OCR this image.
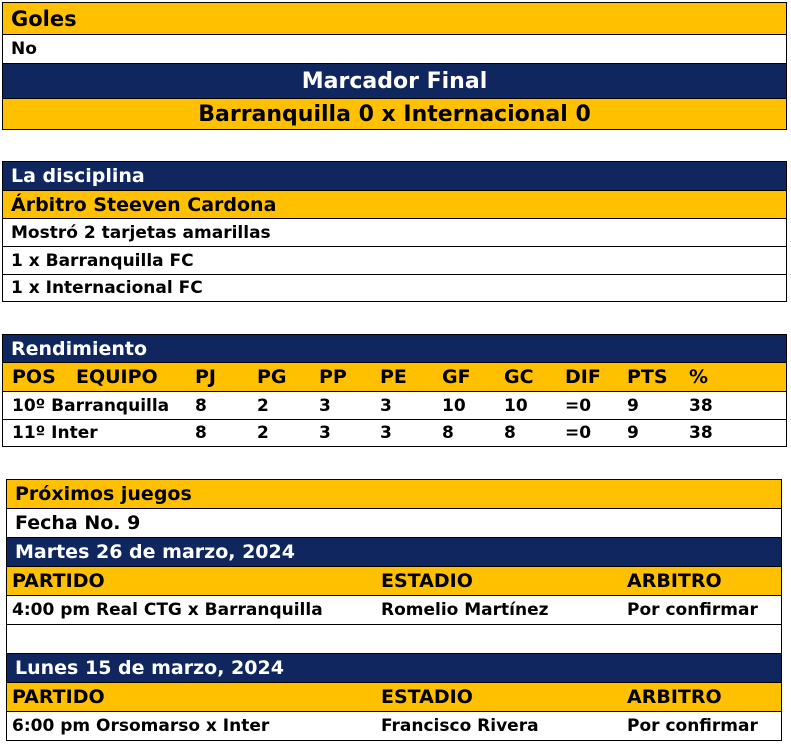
Goles
No
Marcador Final
Barranquilla 0 x Internacional 0
La disciplina
Árbitro Steeven Cardona
Mostró 2 tarjetas amarillas
1 x Barranquilla FC
1 x Internacional FC
Rendimiento
POS EQUIPO PJ PG PP PE GF GC DIF PTS %
10º Barranquilla 8	2	3	3	10 10 =0 9	38
11º Inter	8	2	3	3	8	8	=0 9	38
Próximos juegos
Fecha No. 9
Martes 26 de marzo, 2024
PARTIDO	ESTADIO	ARBITRO
4:00 pm Real CTG x Barranquilla	Romelio Martínez	Por confirmar
Lunes 15 de marzo, 2024
PARTIDO	ESTADIO	ARBITRO
6:00 pm Orsomarso x Inter	Francisco Rivera	Por confirmar
